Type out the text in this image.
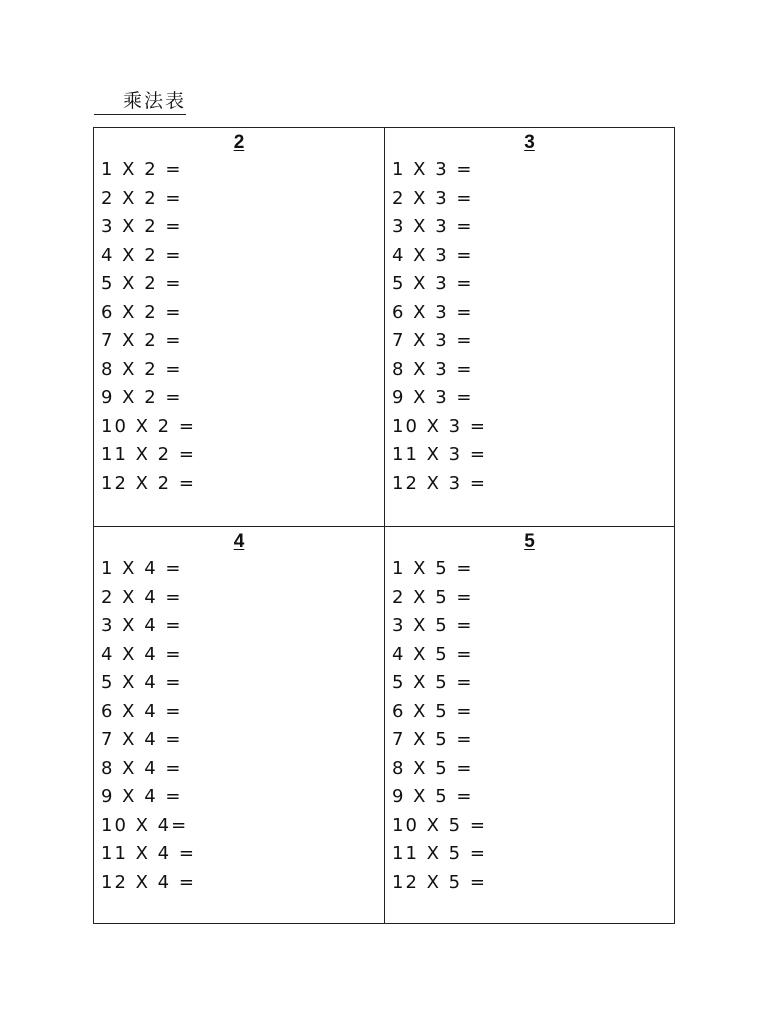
乘法表
2
1 X 2 =
2 X 2 =
3 X 2 =
4 X 2 =
5 X 2 =
6 X 2 =
7 X 2 =
8 X 2 =
9 X 2 =
10 X 2 =
11 X 2 =
12 X 2 =
3
1 X 3 =
2 X 3 =
3 X 3 =
4 X 3 =
5 X 3 =
6 X 3 =
7 X 3 =
8 X 3 =
9 X 3 =
10 X 3 =
11 X 3 =
12 X 3 =
4
1 X 4 =
2 X 4 =
3 X 4 =
4 X 4 =
5 X 4 =
6 X 4 =
7 X 4 =
8 X 4 =
9 X 4 =
10 X 4=
11 X 4 =
12 X 4 =
5
1 X 5 =
2 X 5 =
3 X 5 =
4 X 5 =
5 X 5 =
6 X 5 =
7 X 5 =
8 X 5 =
9 X 5 =
10 X 5 =
11 X 5 =
12 X 5 =
